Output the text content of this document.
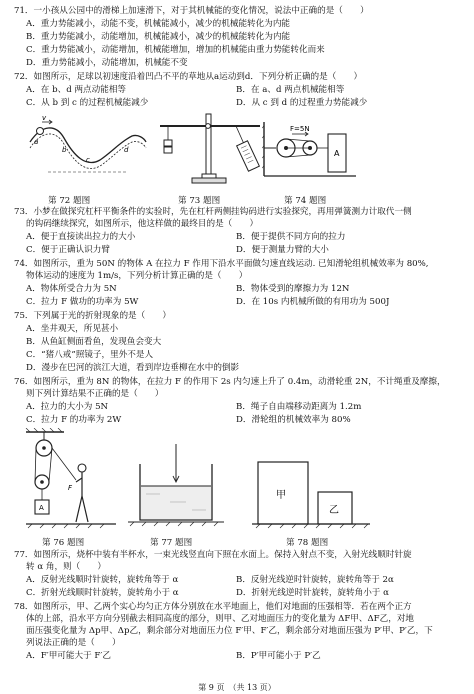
71．一小孩从公园中的滑梯上加速滑下，对于其机械能的变化情况，说法中正确的是（　　）
A．重力势能减小，动能不变，机械能减小，减少的机械能转化为内能
B．重力势能减小，动能增加，机械能减小，减少的机械能转化为内能
C．重力势能减小，动能增加，机械能增加，增加的机械能由重力势能转化而来
D．重力势能减小，动能增加，机械能不变
72．如图所示，足球以初速度沿着凹凸不平的草地从a运动到d．下列分析正确的是（　　）
A．在 b、d 两点动能相等	B．在 a、d 两点机械能相等
C．从 b 到 c 的过程机械能减少	D．从 c 到 d 的过程重力势能减少
v
a
b
c
d
F=5N
A
第 72 题图	第 73 题图	第 74 题图
73．小梦在做探究杠杆平衡条件的实验时，先在杠杆两侧挂钩码进行实验探究，再用弹簧测力计取代一侧
的钩码继续探究，如图所示，他这样做的最终目的是（　　）
A．便于直接读出拉力的大小	B．便于提供不同方向的拉力
C．便于正确认识力臂	D．便于测量力臂的大小
74．如图所示，重为 50N 的物体 A 在拉力 F 作用下沿水平面做匀速直线运动. 已知滑轮组机械效率为 80%,
物体运动的速度为 1m/s，下列分析计算正确的是（　　）
A．物体所受合力为 5N	B．物体受到的摩擦力为 12N
C．拉力 F 做功的功率为 5W	D．在 10s 内机械所做的有用功为 500J
75．下列属于光的折射现象的是（　　）
A．坐井观天，所见甚小
B．从鱼缸侧面看鱼，发现鱼会变大
C．“猪八戒”照镜子，里外不是人
D．漫步在巴河的滨江大道，看到岸边垂柳在水中的倒影
76．如图所示，重为 8N 的物体，在拉力 F 的作用下 2s 内匀速上升了 0.4m，动滑轮重 2N，不计绳重及摩擦，
则下列计算结果不正确的是（　　）
A．拉力的大小为 5N	B．绳子自由端移动距离为 1.2m
C．拉力 F 的功率为 2W	D．滑轮组的机械效率为 80%
A
F
甲
乙
第 76 题图	第 77 题图	第 78 题图
77．如图所示，烧杯中装有半杯水，一束光线竖直向下照在水面上。保持入射点不变，入射光线顺时针旋
转 α 角，则（　　）
A．反射光线顺时针旋转，旋转角等于 α	B．反射光线逆时针旋转，旋转角等于 2α
C．折射光线顺时针旋转，旋转角小于 α	D．折射光线逆时针旋转，旋转角小于 α
78．如图所示，甲、乙两个实心均匀正方体分别放在水平地面上，他们对地面的压强相等．若在两个正方
体的上部，沿水平方向分别截去相同高度的部分，则甲、乙对地面压力的变化量为 ΔF甲、ΔF乙，对地
面压强变化量为 Δp甲、Δp乙，剩余部分对地面压力位 F′甲、F′乙，剩余部分对地面压强为 P′甲、P′乙，下
列说法正确的是（　　）
A．F′甲可能大于 F′乙	B．P′甲可能小于 P′乙
第 9 页　（共 13 页）
